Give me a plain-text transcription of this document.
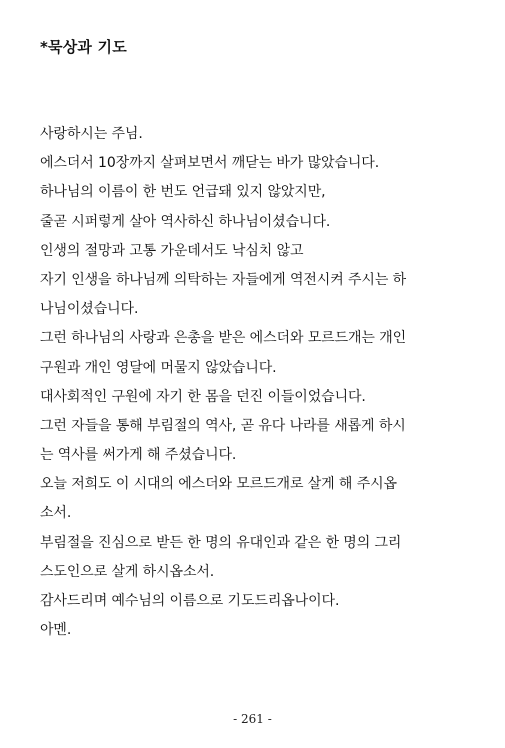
*묵상과 기도
사랑하시는 주님.
에스더서 10장까지 살펴보면서 깨닫는 바가 많았습니다.
하나님의 이름이 한 번도 언급돼 있지 않았지만,
줄곧 시퍼렇게 살아 역사하신 하나님이셨습니다.
인생의 절망과 고통 가운데서도 낙심치 않고
자기 인생을 하나님께 의탁하는 자들에게 역전시켜 주시는 하
나님이셨습니다.
그런 하나님의 사랑과 은총을 받은 에스더와 모르드개는 개인
구원과 개인 영달에 머물지 않았습니다.
대사회적인 구원에 자기 한 몸을 던진 이들이었습니다.
그런 자들을 통해 부림절의 역사, 곧 유다 나라를 새롭게 하시
는 역사를 써가게 해 주셨습니다.
오늘 저희도 이 시대의 에스더와 모르드개로 살게 해 주시옵
소서.
부림절을 진심으로 받든 한 명의 유대인과 같은 한 명의 그리
스도인으로 살게 하시옵소서.
감사드리며 예수님의 이름으로 기도드리옵나이다.
아멘.
- 261 -
